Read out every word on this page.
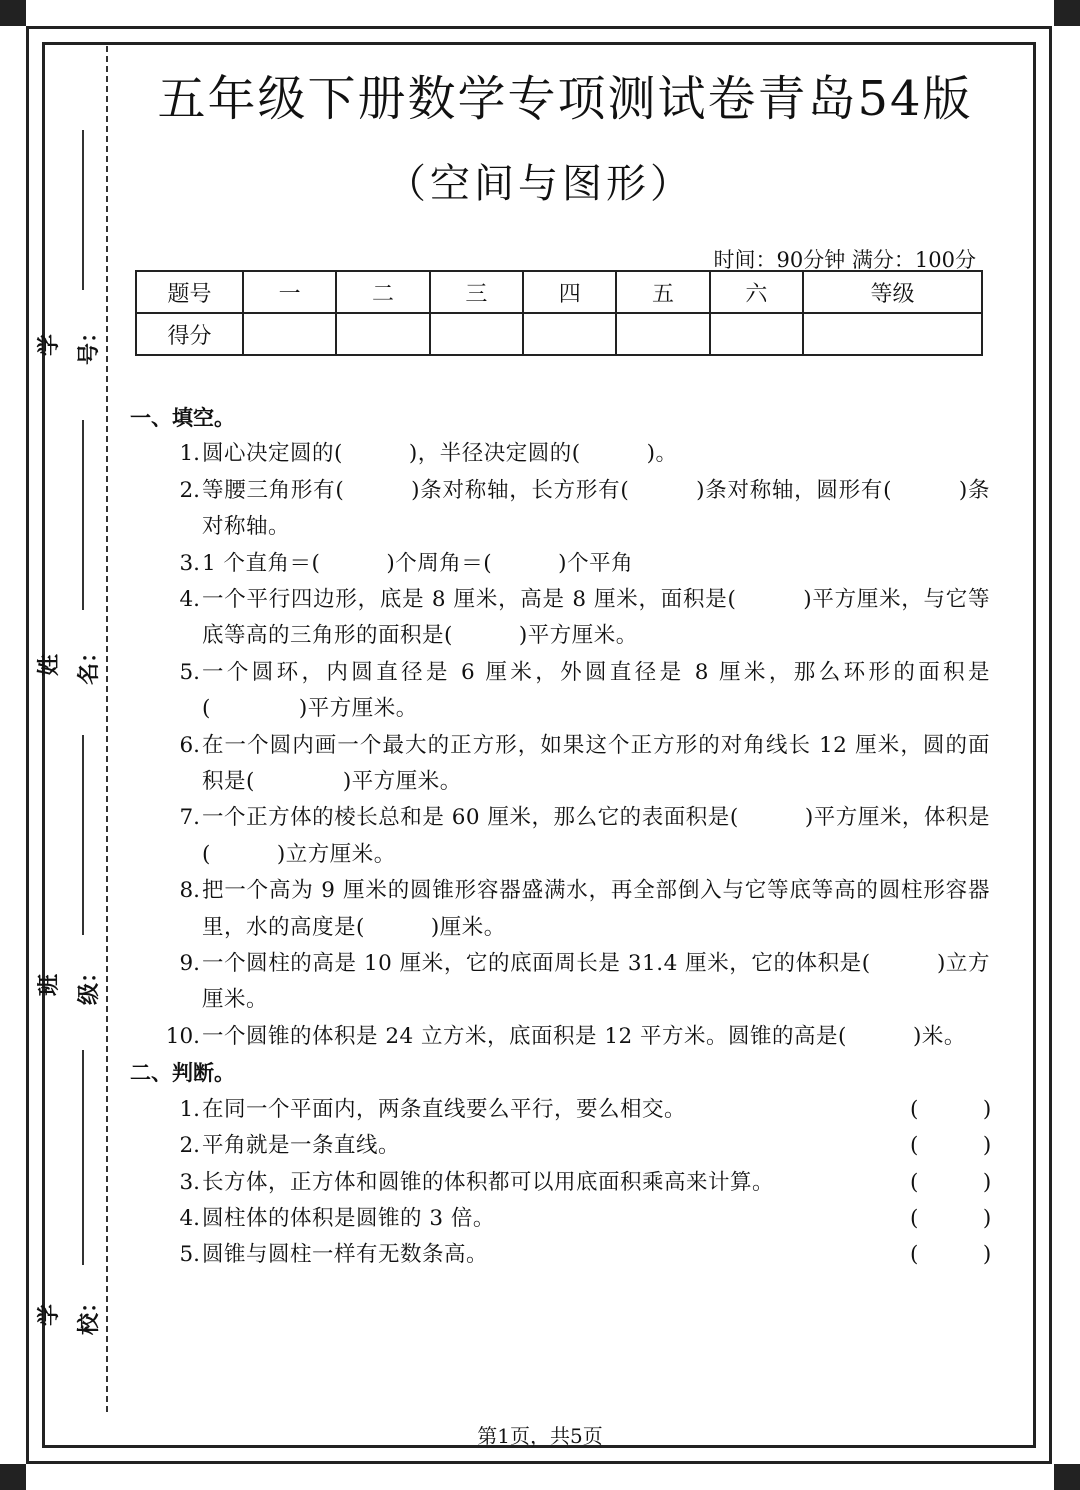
学号：
姓名：
班级：
学校：
五年级下册数学专项测试卷青岛54版
（空间与图形）
时间：90分钟 满分：100分
题号	一	二	三	四	五	六	等级
得分							
一、填空。
1. 圆心决定圆的(　　　)，半径决定圆的(　　　)。
2. 等腰三角形有(　　　)条对称轴，长方形有(　　　)条对称轴，圆形有(　　　)条对称轴。
3. 1 个直角＝(　　　)个周角＝(　　　)个平角
4. 一个平行四边形，底是 8 厘米，高是 8 厘米，面积是(　　　)平方厘米，与它等底等高的三角形的面积是(　　　)平方厘米。
5. 一个圆环，内圆直径是 6 厘米，外圆直径是 8 厘米，那么环形的面积是(　　　　)平方厘米。
6. 在一个圆内画一个最大的正方形，如果这个正方形的对角线长 12 厘米，圆的面积是(　　　　)平方厘米。
7. 一个正方体的棱长总和是 60 厘米，那么它的表面积是(　　　)平方厘米，体积是(　　　)立方厘米。
8. 把一个高为 9 厘米的圆锥形容器盛满水，再全部倒入与它等底等高的圆柱形容器里，水的高度是(　　　)厘米。
9. 一个圆柱的高是 10 厘米，它的底面周长是 31.4 厘米，它的体积是(　　　)立方厘米。
10. 一个圆锥的体积是 24 立方米，底面积是 12 平方米。圆锥的高是(　　　)米。
二、判断。
1. 在同一个平面内，两条直线要么平行，要么相交。	(　　　)
2. 平角就是一条直线。	(　　　)
3. 长方体，正方体和圆锥的体积都可以用底面积乘高来计算。	(　　　)
4. 圆柱体的体积是圆锥的 3 倍。	(　　　)
5. 圆锥与圆柱一样有无数条高。	(　　　)
第1页，共5页
